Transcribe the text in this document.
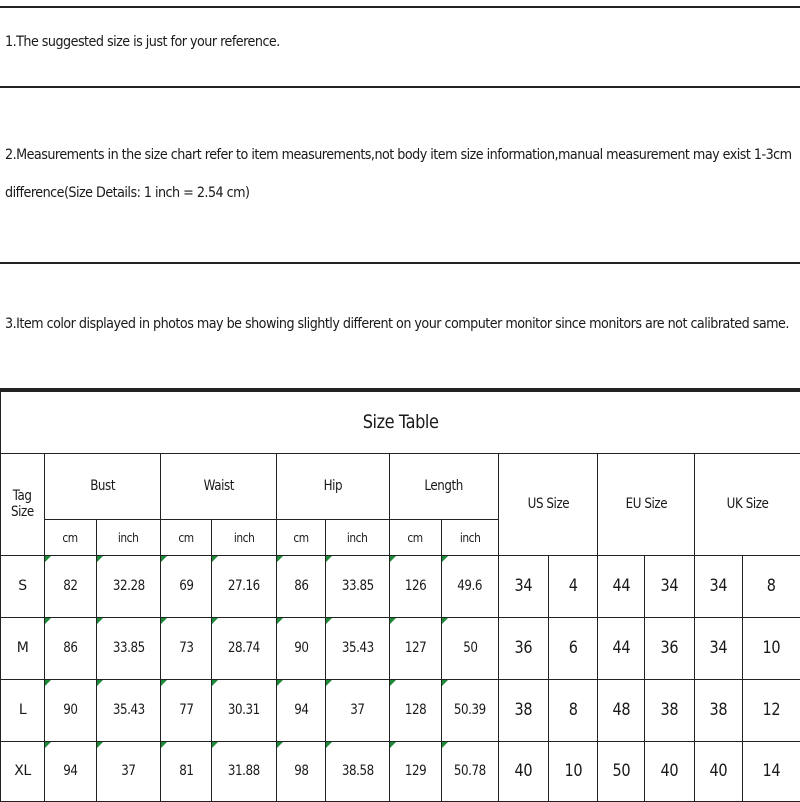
1.The suggested size is just for your reference.
2.Measurements in the size chart refer to item measurements,not body item size information,manual measurement may exist 1-3cm difference(Size Details: 1 inch = 2.54 cm)
3.Item color displayed in photos may be showing slightly different on your computer monitor since monitors are not calibrated same.
Size Table														
Tag
Size	Bust		Waist		Hip		Length		US Size		EU Size		UK Size	
	cm	inch	cm	inch	cm	inch	cm	inch						
S	82	32.28	69	27.16	86	33.85	126	49.6	34	4	44	34	34	8
M	86	33.85	73	28.74	90	35.43	127	50	36	6	44	36	34	10
L	90	35.43	77	30.31	94	37	128	50.39	38	8	48	38	38	12
XL	94	37	81	31.88	98	38.58	129	50.78	40	10	50	40	40	14
